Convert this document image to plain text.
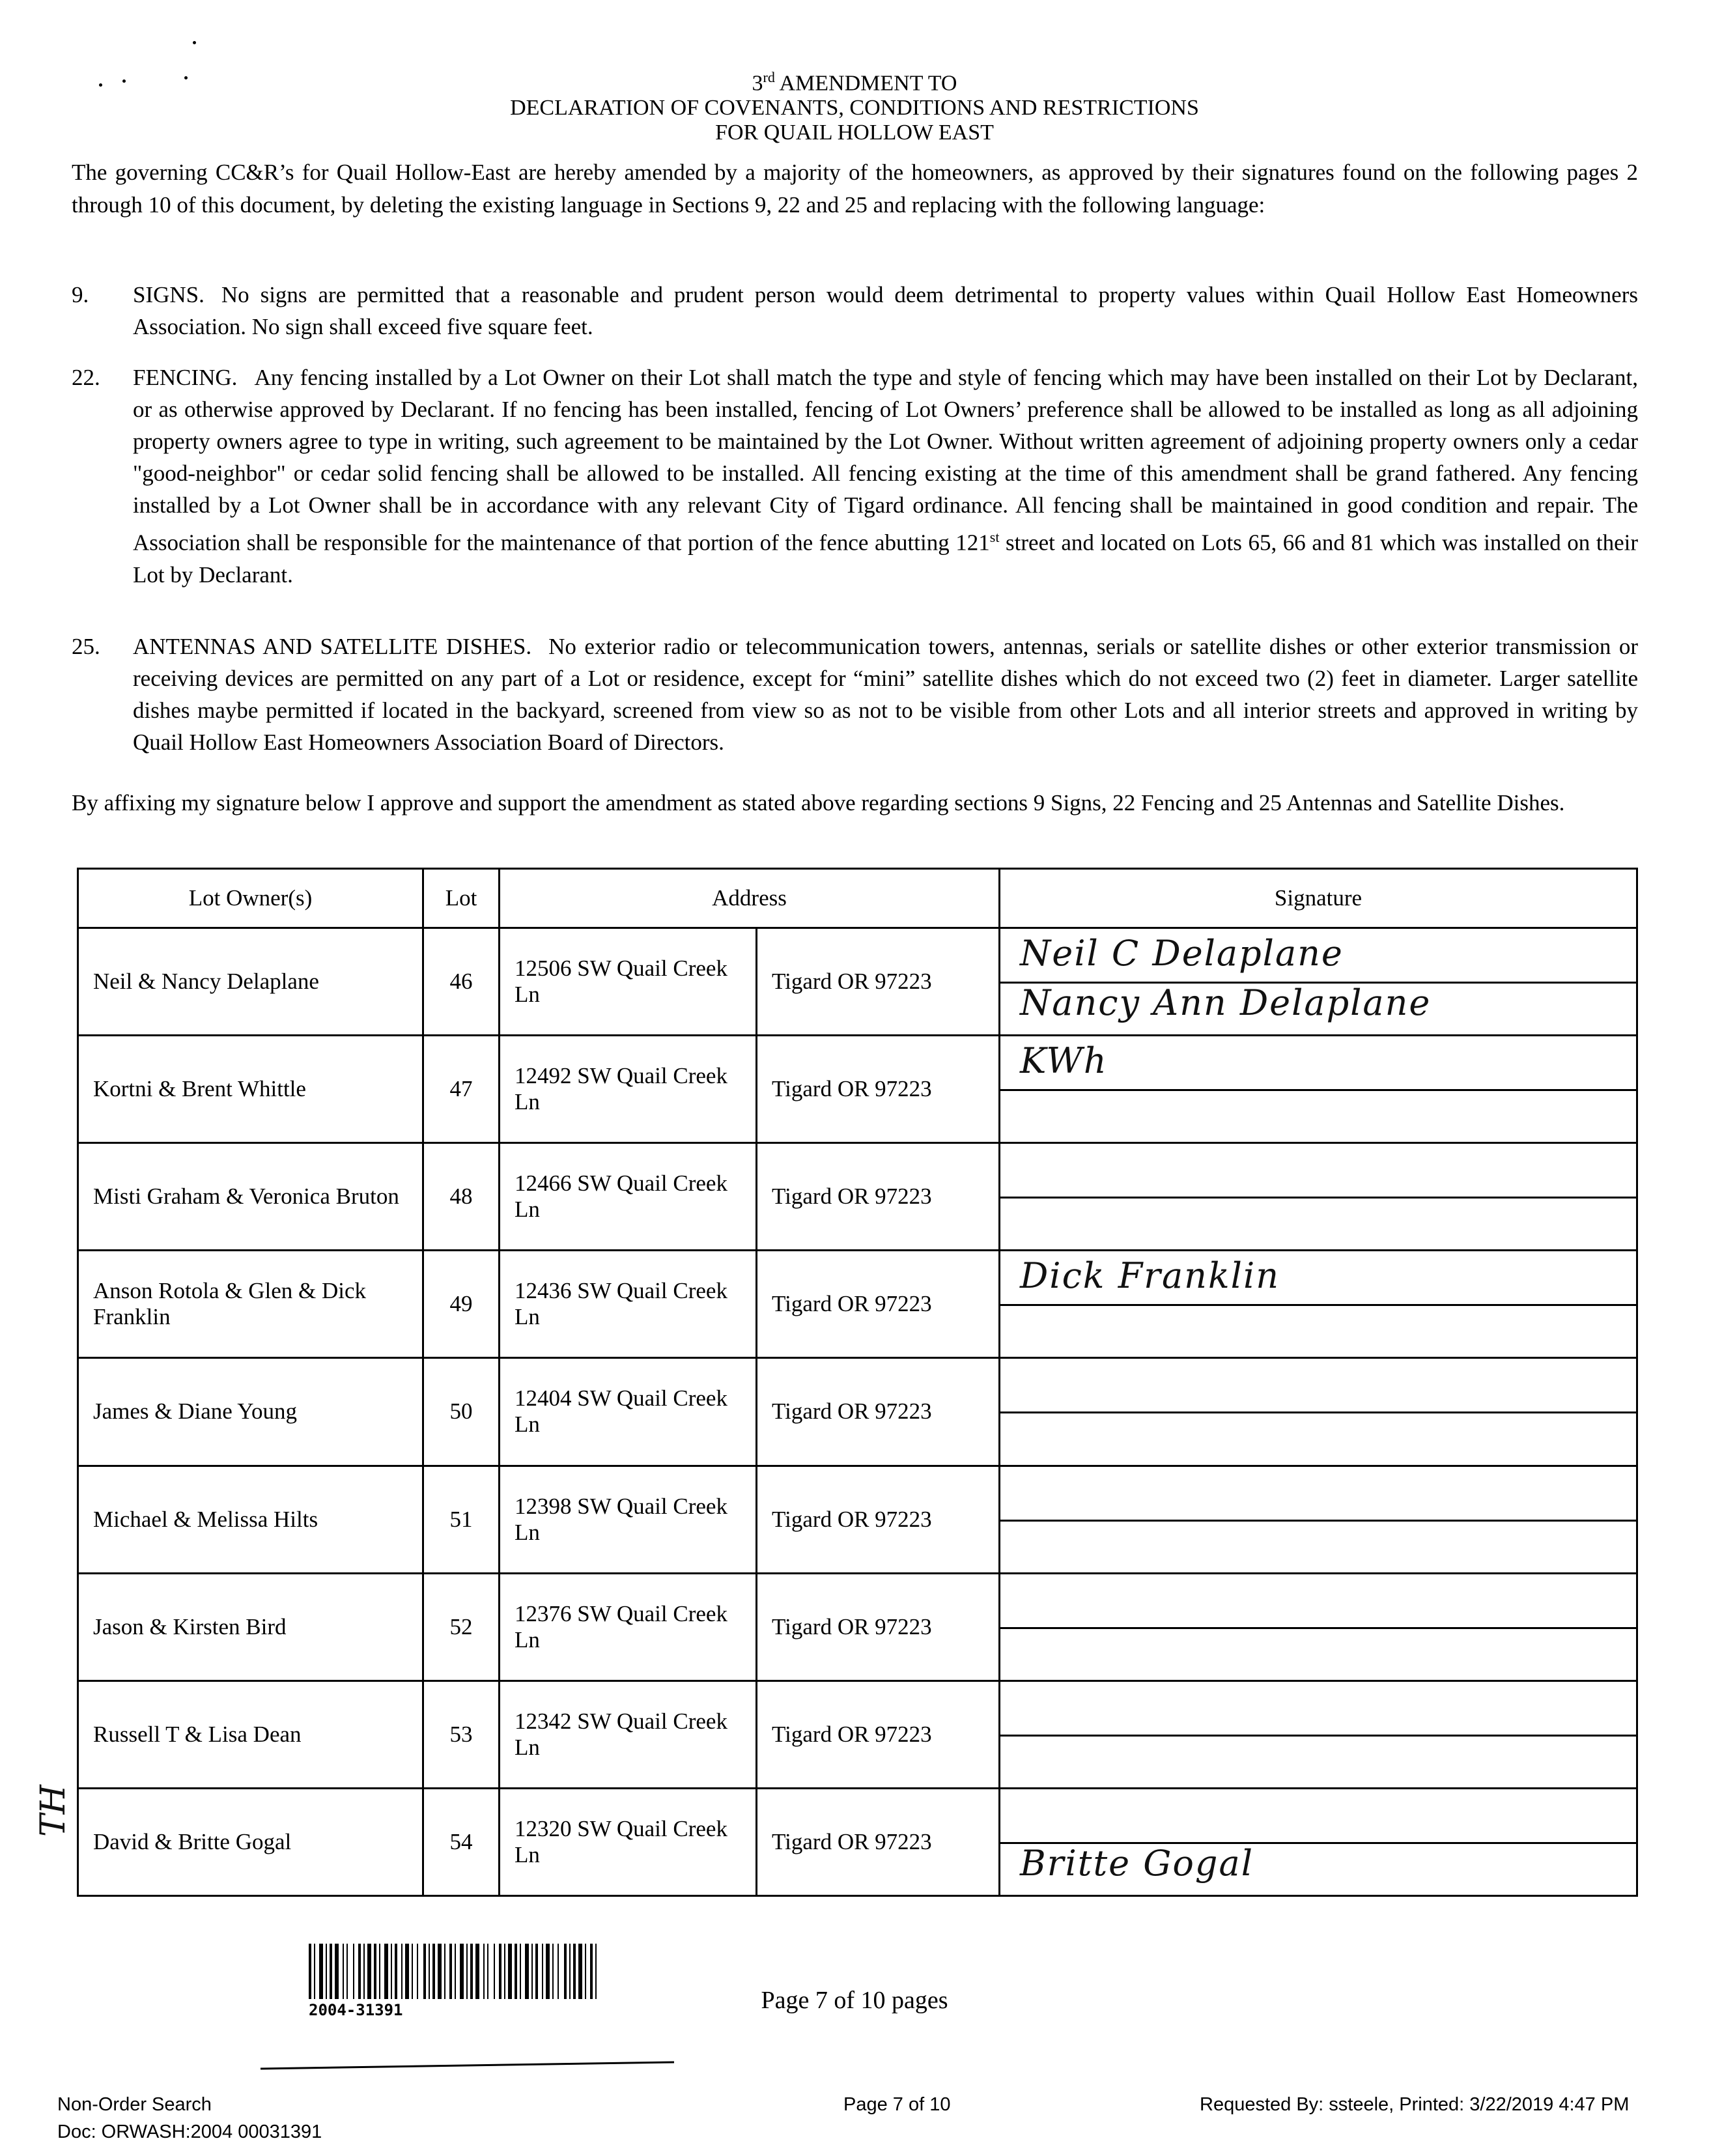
3rd AMENDMENT TO
DECLARATION OF COVENANTS, CONDITIONS AND RESTRICTIONS
FOR QUAIL HOLLOW EAST
The governing CC&R’s for Quail Hollow-East are hereby amended by a majority of the homeowners, as approved by their signatures found on the following pages 2 through 10 of this document, by deleting the existing language in Sections 9, 22 and 25 and replacing with the following language:
9.	SIGNS. No signs are permitted that a reasonable and prudent person would deem detrimental to property values within Quail Hollow East Homeowners Association. No sign shall exceed five square feet.
22.	FENCING. Any fencing installed by a Lot Owner on their Lot shall match the type and style of fencing which may have been installed on their Lot by Declarant, or as otherwise approved by Declarant. If no fencing has been installed, fencing of Lot Owners’ preference shall be allowed to be installed as long as all adjoining property owners agree to type in writing, such agreement to be maintained by the Lot Owner. Without written agreement of adjoining property owners only a cedar "good-neighbor" or cedar solid fencing shall be allowed to be installed. All fencing existing at the time of this amendment shall be grand fathered. Any fencing installed by a Lot Owner shall be in accordance with any relevant City of Tigard ordinance. All fencing shall be maintained in good condition and repair. The Association shall be responsible for the maintenance of that portion of the fence abutting 121st street and located on Lots 65, 66 and 81 which was installed on their Lot by Declarant.
25.	ANTENNAS AND SATELLITE DISHES. No exterior radio or telecommunication towers, antennas, serials or satellite dishes or other exterior transmission or receiving devices are permitted on any part of a Lot or residence, except for “mini” satellite dishes which do not exceed two (2) feet in diameter. Larger satellite dishes maybe permitted if located in the backyard, screened from view so as not to be visible from other Lots and all interior streets and approved in writing by Quail Hollow East Homeowners Association Board of Directors.
By affixing my signature below I approve and support the amendment as stated above regarding sections 9 Signs, 22 Fencing and 25 Antennas and Satellite Dishes.
Lot Owner(s)	Lot	Address		Signature
Neil & Nancy Delaplane	46	12506 SW Quail Creek Ln	Tigard OR 97223	Neil C Delaplane
Nancy Ann Delaplane

Kortni & Brent Whittle	47	12492 SW Quail Creek Ln	Tigard OR 97223	KWh

Misti Graham & Veronica Bruton	48	12466 SW Quail Creek Ln	Tigard OR 97223	

Anson Rotola & Glen & Dick Franklin	49	12436 SW Quail Creek Ln	Tigard OR 97223	Dick Franklin

James & Diane Young	50	12404 SW Quail Creek Ln	Tigard OR 97223	

Michael & Melissa Hilts	51	12398 SW Quail Creek Ln	Tigard OR 97223	

Jason & Kirsten Bird	52	12376 SW Quail Creek Ln	Tigard OR 97223	

Russell T & Lisa Dean	53	12342 SW Quail Creek Ln	Tigard OR 97223	

David & Britte Gogal	54	12320 SW Quail Creek Ln	Tigard OR 97223	Britte Gogal
2004-31391	Page 7 of 10 pages
TH
Non-Order Search
Doc: ORWASH:2004 00031391
Page 7 of 10	Requested By: ssteele, Printed: 3/22/2019 4:47 PM
